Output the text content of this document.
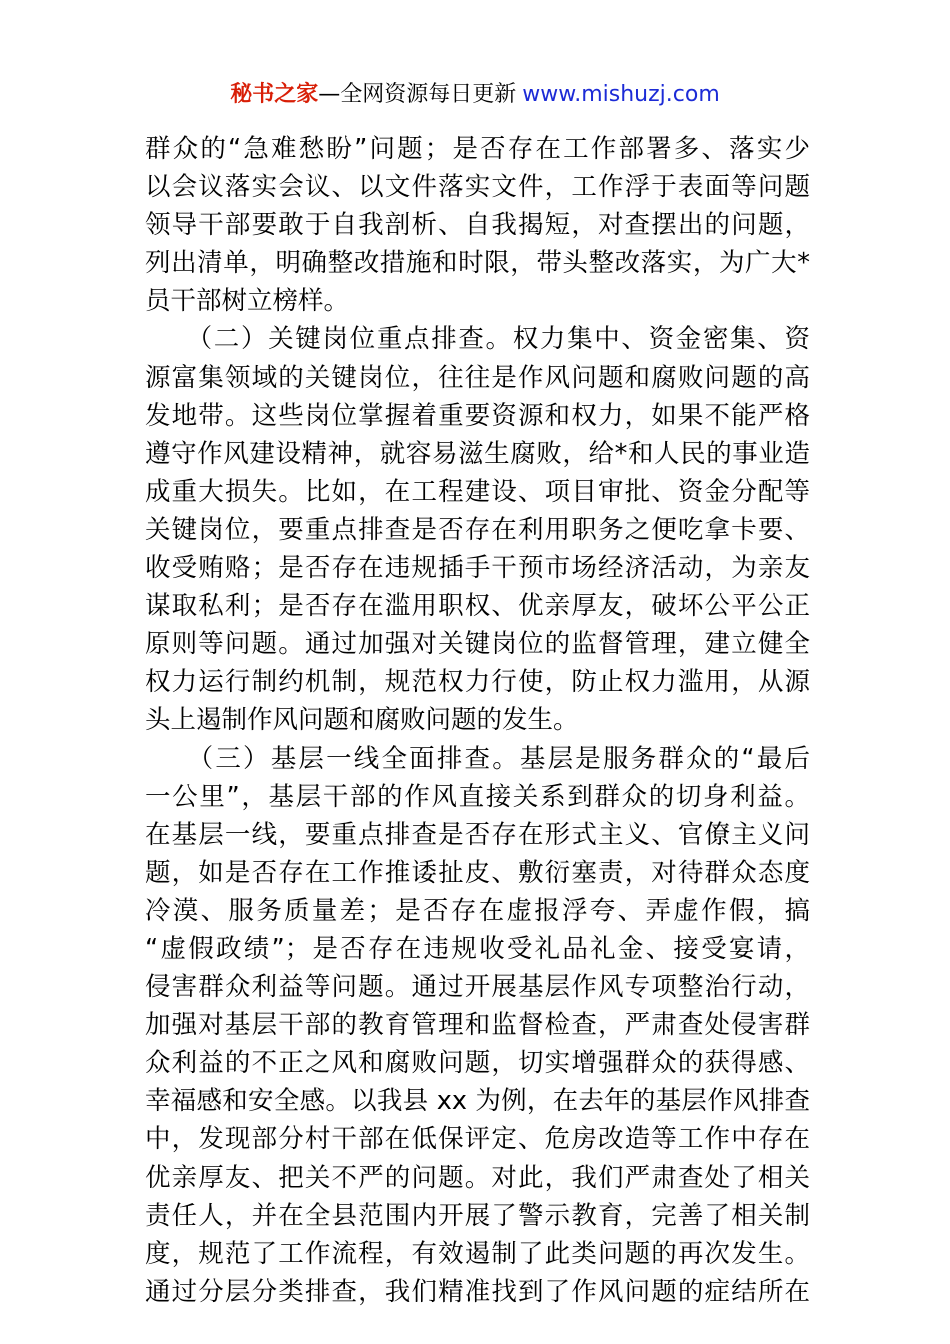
秘书之家—全网资源每日更新 www.mishuzj.com
群众的“急难愁盼”问题；是否存在工作部署多、落实少
以会议落实会议、以文件落实文件，工作浮于表面等问题
领导干部要敢于自我剖析、自我揭短，对查摆出的问题，
列出清单，明确整改措施和时限，带头整改落实，为广大*
员干部树立榜样。
　　（二）关键岗位重点排查。权力集中、资金密集、资
源富集领域的关键岗位，往往是作风问题和腐败问题的高
发地带。这些岗位掌握着重要资源和权力，如果不能严格
遵守作风建设精神，就容易滋生腐败，给*和人民的事业造
成重大损失。比如，在工程建设、项目审批、资金分配等
关键岗位，要重点排查是否存在利用职务之便吃拿卡要、
收受贿赂；是否存在违规插手干预市场经济活动，为亲友
谋取私利；是否存在滥用职权、优亲厚友，破坏公平公正
原则等问题。通过加强对关键岗位的监督管理，建立健全
权力运行制约机制，规范权力行使，防止权力滥用，从源
头上遏制作风问题和腐败问题的发生。
　　（三）基层一线全面排查。基层是服务群众的“最后
一公里”，基层干部的作风直接关系到群众的切身利益。
在基层一线，要重点排查是否存在形式主义、官僚主义问
题，如是否存在工作推诿扯皮、敷衍塞责，对待群众态度
冷漠、服务质量差；是否存在虚报浮夸、弄虚作假，搞
“虚假政绩”；是否存在违规收受礼品礼金、接受宴请，
侵害群众利益等问题。通过开展基层作风专项整治行动，
加强对基层干部的教育管理和监督检查，严肃查处侵害群
众利益的不正之风和腐败问题，切实增强群众的获得感、
幸福感和安全感。以我县 xx 为例，在去年的基层作风排查
中，发现部分村干部在低保评定、危房改造等工作中存在
优亲厚友、把关不严的问题。对此，我们严肃查处了相关
责任人，并在全县范围内开展了警示教育，完善了相关制
度，规范了工作流程，有效遏制了此类问题的再次发生。
通过分层分类排查，我们精准找到了作风问题的症结所在
